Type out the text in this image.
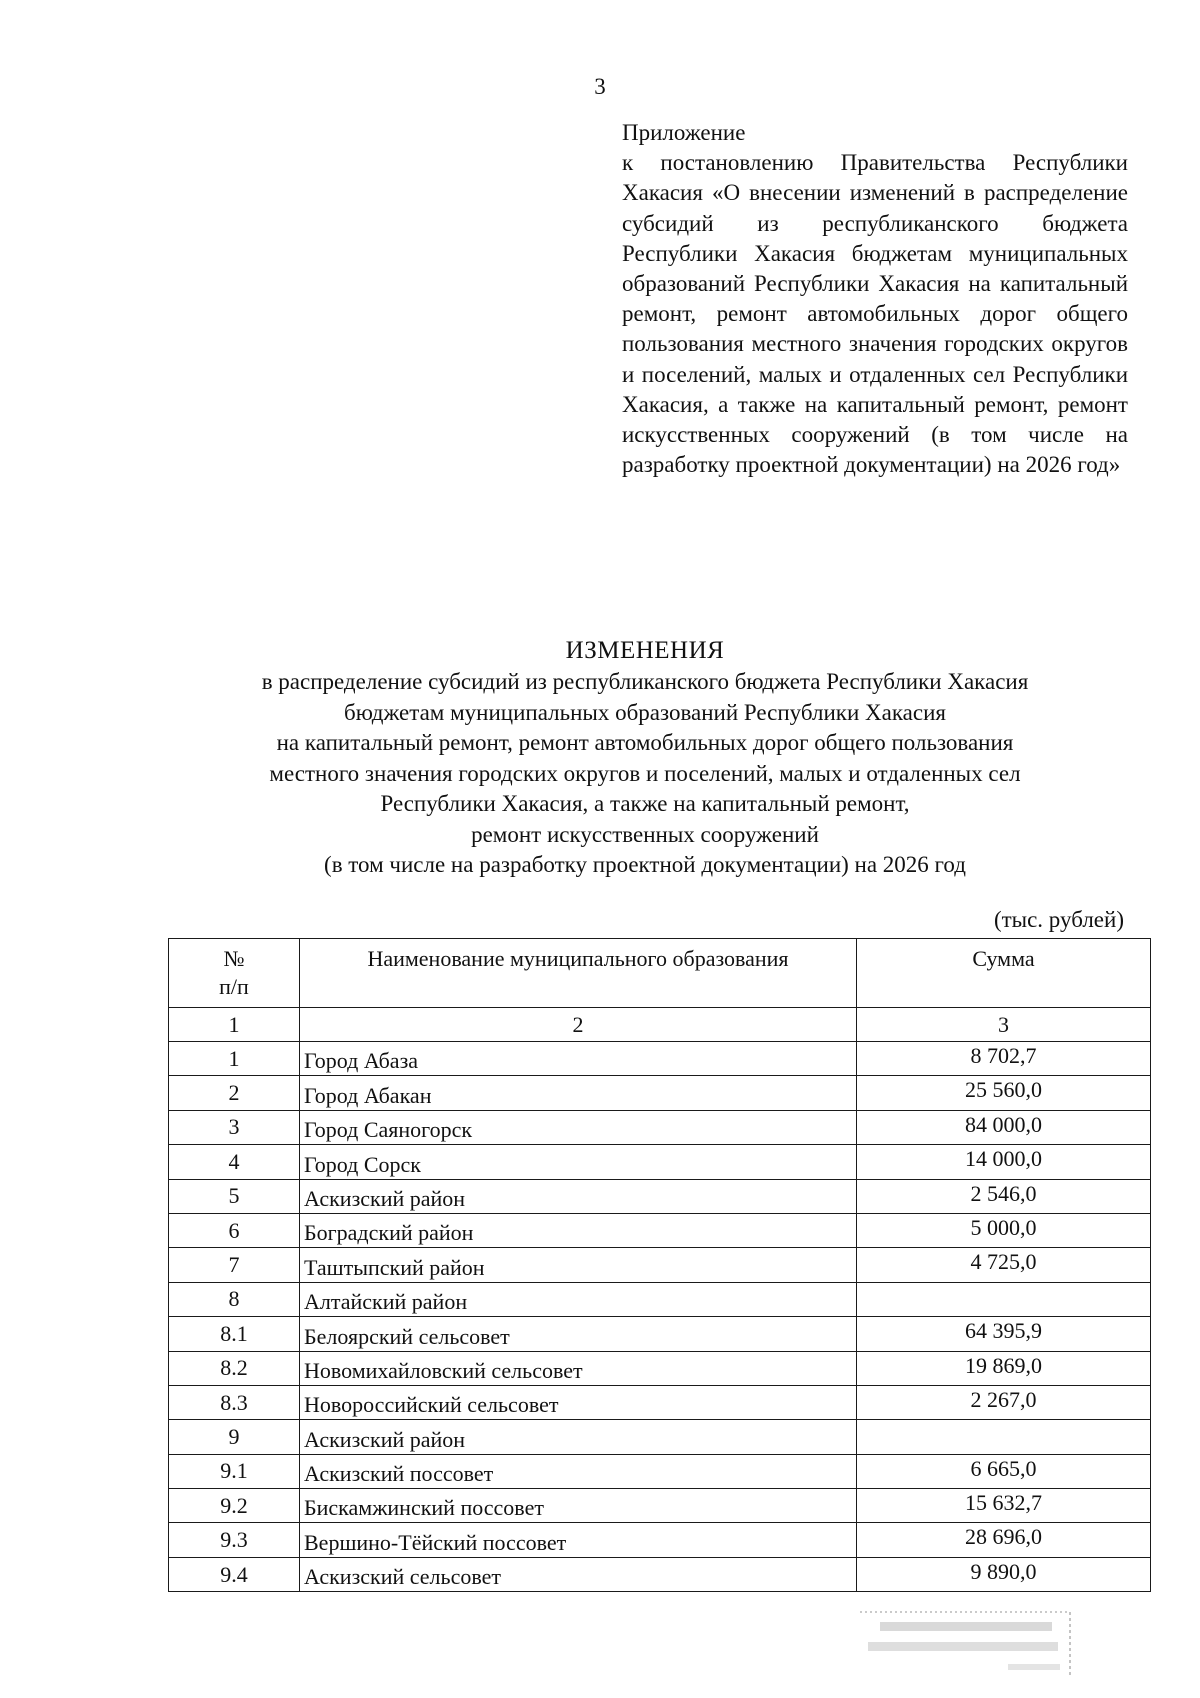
3
Приложение
к постановлению Правительства Республики Хакасия «О внесении изменений в распределение субсидий из республиканского бюджета Республики Хакасия бюджетам муниципальных образований Республики Хакасия на капитальный ремонт, ремонт автомобильных дорог общего пользования местного значения городских округов и поселений, малых и отдаленных сел Республики Хакасия, а также на капитальный ремонт, ремонт искусственных сооружений (в том числе на разработку проектной документации) на 2026 год»
ИЗМЕНЕНИЯ
в распределение субсидий из республиканского бюджета Республики Хакасия
бюджетам муниципальных образований Республики Хакасия
на капитальный ремонт, ремонт автомобильных дорог общего пользования
местного значения городских округов и поселений, малых и отдаленных сел
Республики Хакасия, а также на капитальный ремонт,
ремонт искусственных сооружений
(в том числе на разработку проектной документации) на 2026 год
(тыс. рублей)
№
п/п	Наименование муниципального образования	Сумма
1	2	3
1	Город Абаза	8 702,7
2	Город Абакан	25 560,0
3	Город Саяногорск	84 000,0
4	Город Сорск	14 000,0
5	Аскизский район	2 546,0
6	Боградский район	5 000,0
7	Таштыпский район	4 725,0
8	Алтайский район	
8.1	Белоярский сельсовет	64 395,9
8.2	Новомихайловский сельсовет	19 869,0
8.3	Новороссийский сельсовет	2 267,0
9	Аскизский район	
9.1	Аскизский поссовет	6 665,0
9.2	Бискамжинский поссовет	15 632,7
9.3	Вершино-Тёйский поссовет	28 696,0
9.4	Аскизский сельсовет	9 890,0
